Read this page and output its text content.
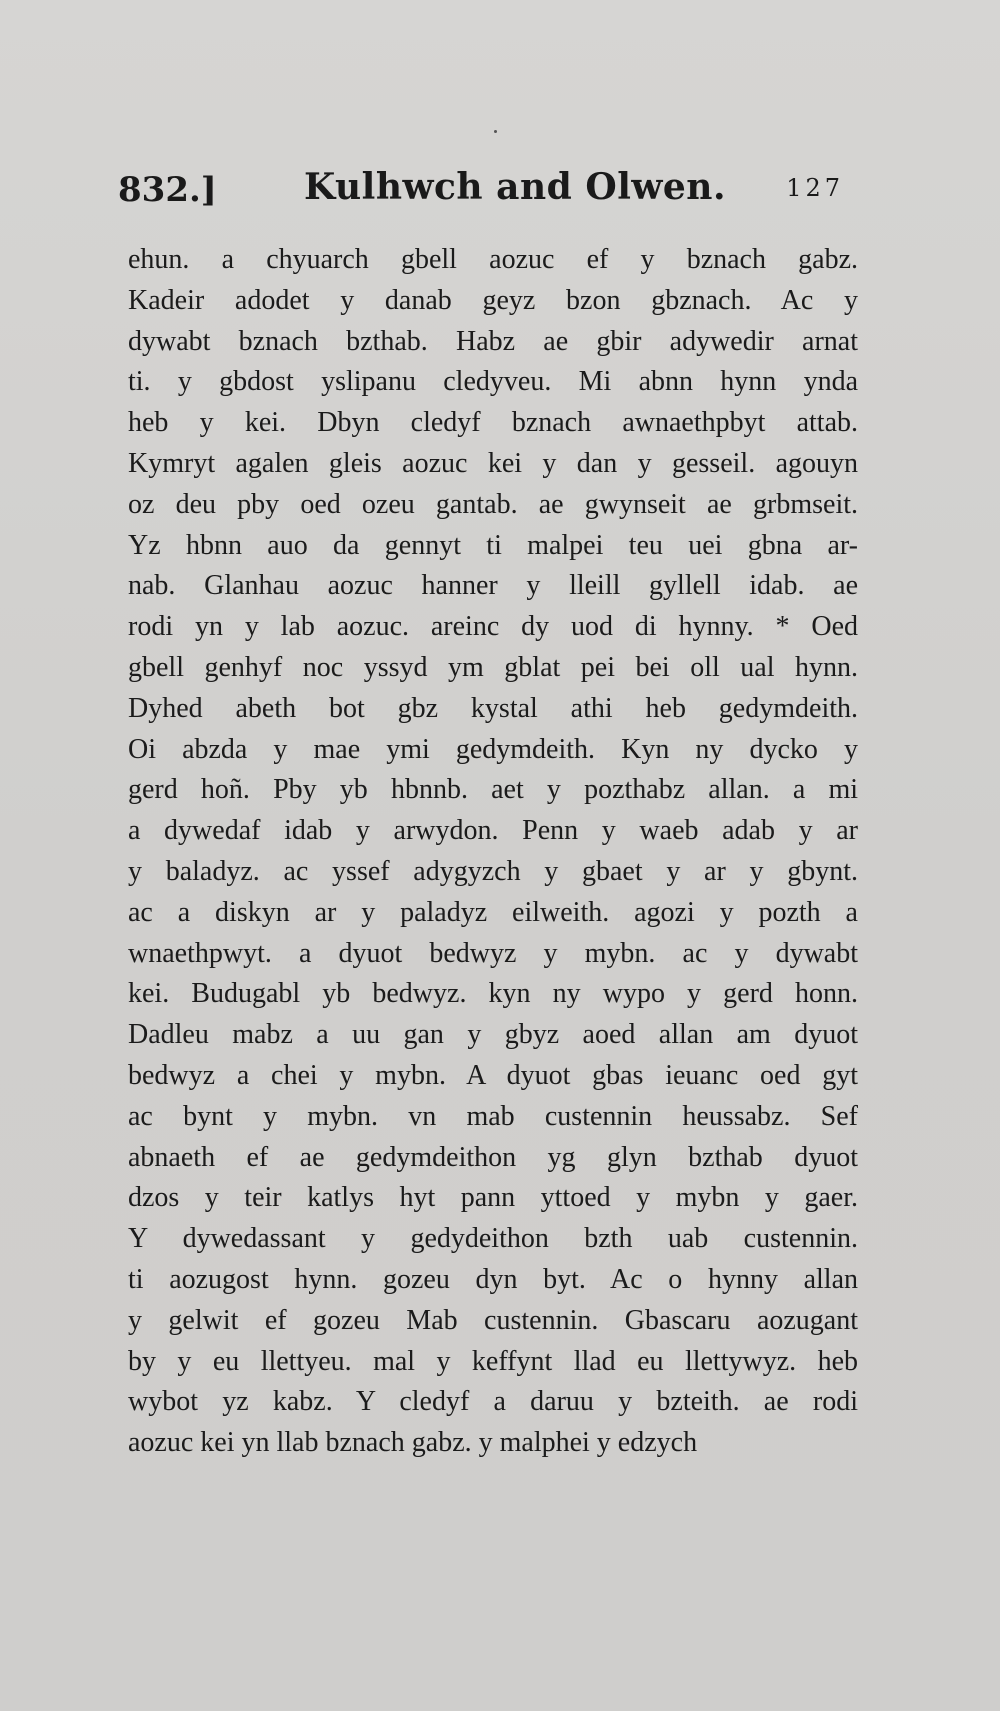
832.] Kulhwch and Olwen.	127
ehun. a chyuarch gbell aozuc ef y bznach gabz.
Kadeir adodet y danab geyz bzon gbznach. Ac y
dywabt bznach bzthab. Habz ae gbir adywedir arnat
ti. y gbdost yslipanu cledyveu. Mi abnn hynn ynda
heb y kei. Dbyn cledyf bznach awnaethpbyt attab.
Kymryt agalen gleis aozuc kei y dan y gesseil. agouyn
oz deu pby oed ozeu gantab. ae gwynseit ae grbmseit.
Yz hbnn auo da gennyt ti malpei teu uei gbna ar-
nab. Glanhau aozuc hanner y lleill gyllell idab. ae
rodi yn y lab aozuc. areinc dy uod di hynny. * Oed
gbell genhyf noc yssyd ym gblat pei bei oll ual hynn.
Dyhed abeth bot gbz kystal athi heb gedymdeith.
Oi abzda y mae ymi gedymdeith. Kyn ny dycko y
gerd hoñ. Pby yb hbnnb. aet y pozthabz allan. a mi
a dywedaf idab y arwydon. Penn y waeb adab y ar
y baladyz. ac yssef adygyzch y gbaet y ar y gbynt.
ac a diskyn ar y paladyz eilweith. agozi y pozth a
wnaethpwyt. a dyuot bedwyz y mybn. ac y dywabt
kei. Budugabl yb bedwyz. kyn ny wypo y gerd honn.
Dadleu mabz a uu gan y gbyz aoed allan am dyuot
bedwyz a chei y mybn. A dyuot gbas ieuanc oed gyt
ac bynt y mybn. vn mab custennin heussabz. Sef
abnaeth ef ae gedymdeithon yg glyn bzthab dyuot
dzos y teir katlys hyt pann yttoed y mybn y gaer.
Y dywedassant y gedydeithon bzth uab custennin.
ti aozugost hynn. gozeu dyn byt. Ac o hynny allan
y gelwit ef gozeu Mab custennin. Gbascaru aozugant
by y eu llettyeu. mal y keffynt llad eu llettywyz. heb
wybot yz kabz. Y cledyf a daruu y bzteith. ae rodi
aozuc kei yn llab bznach gabz. y malphei y edzych
